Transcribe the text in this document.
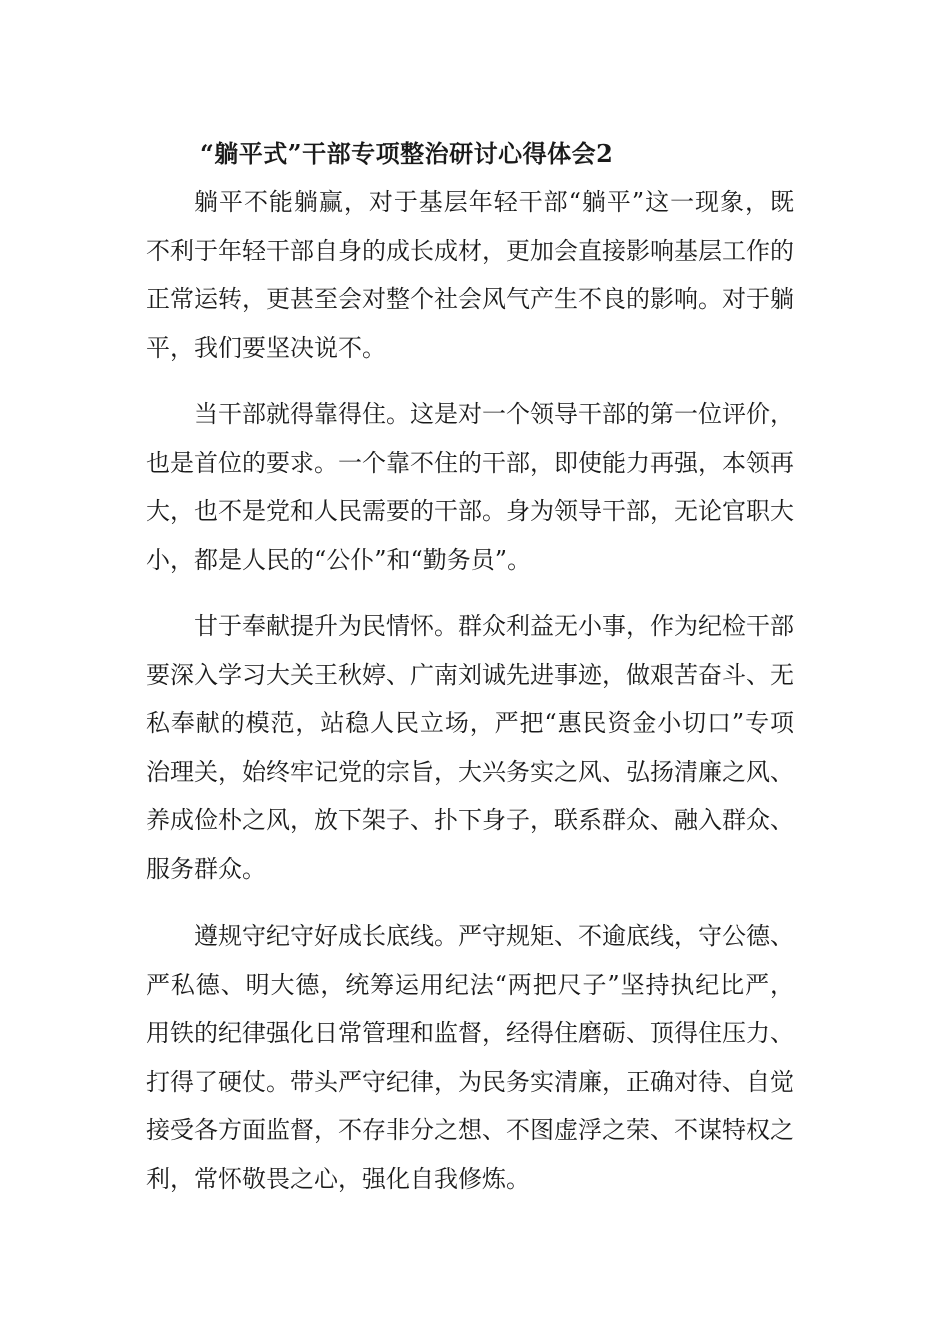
“躺平式”干部专项整治研讨心得体会2

躺平不能躺赢，对于基层年轻干部“躺平”这一现象，既不利于年轻干部自身的成长成材，更加会直接影响基层工作的正常运转，更甚至会对整个社会风气产生不良的影响。对于躺平，我们要坚决说不。

当干部就得靠得住。这是对一个领导干部的第一位评价，也是首位的要求。一个靠不住的干部，即使能力再强，本领再大，也不是党和人民需要的干部。身为领导干部，无论官职大小，都是人民的“公仆”和“勤务员”。

甘于奉献提升为民情怀。群众利益无小事，作为纪检干部要深入学习大关王秋婷、广南刘诚先进事迹，做艰苦奋斗、无私奉献的模范，站稳人民立场，严把“惠民资金小切口”专项治理关，始终牢记党的宗旨，大兴务实之风、弘扬清廉之风、养成俭朴之风，放下架子、扑下身子，联系群众、融入群众、服务群众。

遵规守纪守好成长底线。严守规矩、不逾底线，守公德、严私德、明大德，统筹运用纪法“两把尺子”坚持执纪比严，用铁的纪律强化日常管理和监督，经得住磨砺、顶得住压力、打得了硬仗。带头严守纪律，为民务实清廉，正确对待、自觉接受各方面监督，不存非分之想、不图虚浮之荣、不谋特权之利，常怀敬畏之心，强化自我修炼。
